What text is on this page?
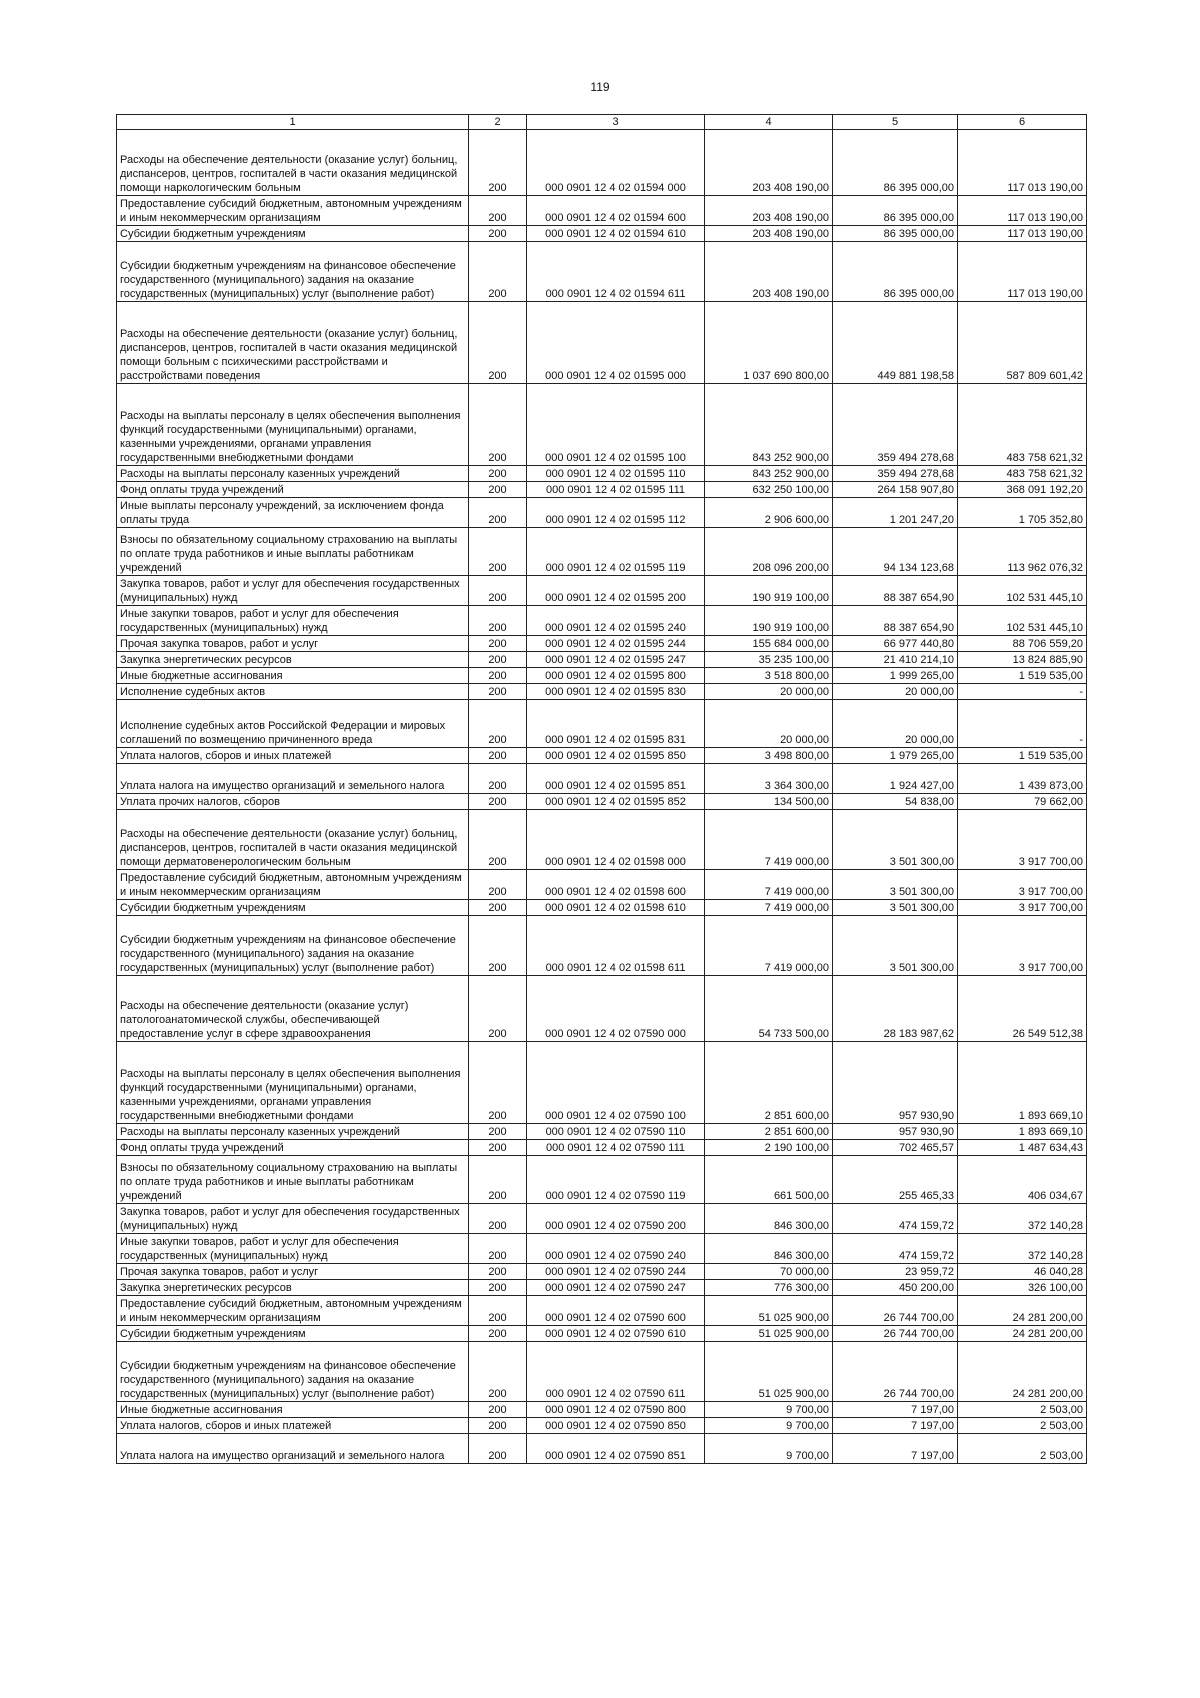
119
1	2	3	4	5	6
Расходы на обеспечение деятельности (оказание услуг) больниц, диспансеров, центров, госпиталей в части оказания медицинской помощи наркологическим больным	200	000 0901 12 4 02 01594 000	203 408 190,00	86 395 000,00	117 013 190,00
Предоставление субсидий бюджетным, автономным учреждениям и иным некоммерческим организациям	200	000 0901 12 4 02 01594 600	203 408 190,00	86 395 000,00	117 013 190,00
Субсидии бюджетным учреждениям	200	000 0901 12 4 02 01594 610	203 408 190,00	86 395 000,00	117 013 190,00
Субсидии бюджетным учреждениям на финансовое обеспечение государственного (муниципального) задания на оказание государственных (муниципальных) услуг (выполнение работ)	200	000 0901 12 4 02 01594 611	203 408 190,00	86 395 000,00	117 013 190,00
Расходы на обеспечение деятельности (оказание услуг) больниц, диспансеров, центров, госпиталей в части оказания медицинской помощи больным с психическими расстройствами и расстройствами поведения	200	000 0901 12 4 02 01595 000	1 037 690 800,00	449 881 198,58	587 809 601,42
Расходы на выплаты персоналу в целях обеспечения выполнения функций государственными (муниципальными) органами, казенными учреждениями, органами управления государственными внебюджетными фондами	200	000 0901 12 4 02 01595 100	843 252 900,00	359 494 278,68	483 758 621,32
Расходы на выплаты персоналу казенных учреждений	200	000 0901 12 4 02 01595 110	843 252 900,00	359 494 278,68	483 758 621,32
Фонд оплаты труда учреждений	200	000 0901 12 4 02 01595 111	632 250 100,00	264 158 907,80	368 091 192,20
Иные выплаты персоналу учреждений, за исключением фонда оплаты труда	200	000 0901 12 4 02 01595 112	2 906 600,00	1 201 247,20	1 705 352,80
Взносы по обязательному социальному страхованию на выплаты по оплате труда работников и иные выплаты работникам учреждений	200	000 0901 12 4 02 01595 119	208 096 200,00	94 134 123,68	113 962 076,32
Закупка товаров, работ и услуг для обеспечения государственных (муниципальных) нужд	200	000 0901 12 4 02 01595 200	190 919 100,00	88 387 654,90	102 531 445,10
Иные закупки товаров, работ и услуг для обеспечения государственных (муниципальных) нужд	200	000 0901 12 4 02 01595 240	190 919 100,00	88 387 654,90	102 531 445,10
Прочая закупка товаров, работ и услуг	200	000 0901 12 4 02 01595 244	155 684 000,00	66 977 440,80	88 706 559,20
Закупка энергетических ресурсов	200	000 0901 12 4 02 01595 247	35 235 100,00	21 410 214,10	13 824 885,90
Иные бюджетные ассигнования	200	000 0901 12 4 02 01595 800	3 518 800,00	1 999 265,00	1 519 535,00
Исполнение судебных актов	200	000 0901 12 4 02 01595 830	20 000,00	20 000,00	-
Исполнение судебных актов Российской Федерации и мировых соглашений по возмещению причиненного вреда	200	000 0901 12 4 02 01595 831	20 000,00	20 000,00	-
Уплата налогов, сборов и иных платежей	200	000 0901 12 4 02 01595 850	3 498 800,00	1 979 265,00	1 519 535,00
Уплата налога на имущество организаций и земельного налога	200	000 0901 12 4 02 01595 851	3 364 300,00	1 924 427,00	1 439 873,00
Уплата прочих налогов, сборов	200	000 0901 12 4 02 01595 852	134 500,00	54 838,00	79 662,00
Расходы на обеспечение деятельности (оказание услуг) больниц, диспансеров, центров, госпиталей в части оказания медицинской помощи дерматовенерологическим больным	200	000 0901 12 4 02 01598 000	7 419 000,00	3 501 300,00	3 917 700,00
Предоставление субсидий бюджетным, автономным учреждениям и иным некоммерческим организациям	200	000 0901 12 4 02 01598 600	7 419 000,00	3 501 300,00	3 917 700,00
Субсидии бюджетным учреждениям	200	000 0901 12 4 02 01598 610	7 419 000,00	3 501 300,00	3 917 700,00
Субсидии бюджетным учреждениям на финансовое обеспечение государственного (муниципального) задания на оказание государственных (муниципальных) услуг (выполнение работ)	200	000 0901 12 4 02 01598 611	7 419 000,00	3 501 300,00	3 917 700,00
Расходы на обеспечение деятельности (оказание услуг) патологоанатомической службы, обеспечивающей предоставление услуг в сфере здравоохранения	200	000 0901 12 4 02 07590 000	54 733 500,00	28 183 987,62	26 549 512,38
Расходы на выплаты персоналу в целях обеспечения выполнения функций государственными (муниципальными) органами, казенными учреждениями, органами управления государственными внебюджетными фондами	200	000 0901 12 4 02 07590 100	2 851 600,00	957 930,90	1 893 669,10
Расходы на выплаты персоналу казенных учреждений	200	000 0901 12 4 02 07590 110	2 851 600,00	957 930,90	1 893 669,10
Фонд оплаты труда учреждений	200	000 0901 12 4 02 07590 111	2 190 100,00	702 465,57	1 487 634,43
Взносы по обязательному социальному страхованию на выплаты по оплате труда работников и иные выплаты работникам учреждений	200	000 0901 12 4 02 07590 119	661 500,00	255 465,33	406 034,67
Закупка товаров, работ и услуг для обеспечения государственных (муниципальных) нужд	200	000 0901 12 4 02 07590 200	846 300,00	474 159,72	372 140,28
Иные закупки товаров, работ и услуг для обеспечения государственных (муниципальных) нужд	200	000 0901 12 4 02 07590 240	846 300,00	474 159,72	372 140,28
Прочая закупка товаров, работ и услуг	200	000 0901 12 4 02 07590 244	70 000,00	23 959,72	46 040,28
Закупка энергетических ресурсов	200	000 0901 12 4 02 07590 247	776 300,00	450 200,00	326 100,00
Предоставление субсидий бюджетным, автономным учреждениям и иным некоммерческим организациям	200	000 0901 12 4 02 07590 600	51 025 900,00	26 744 700,00	24 281 200,00
Субсидии бюджетным учреждениям	200	000 0901 12 4 02 07590 610	51 025 900,00	26 744 700,00	24 281 200,00
Субсидии бюджетным учреждениям на финансовое обеспечение государственного (муниципального) задания на оказание государственных (муниципальных) услуг (выполнение работ)	200	000 0901 12 4 02 07590 611	51 025 900,00	26 744 700,00	24 281 200,00
Иные бюджетные ассигнования	200	000 0901 12 4 02 07590 800	9 700,00	7 197,00	2 503,00
Уплата налогов, сборов и иных платежей	200	000 0901 12 4 02 07590 850	9 700,00	7 197,00	2 503,00
Уплата налога на имущество организаций и земельного налога	200	000 0901 12 4 02 07590 851	9 700,00	7 197,00	2 503,00
